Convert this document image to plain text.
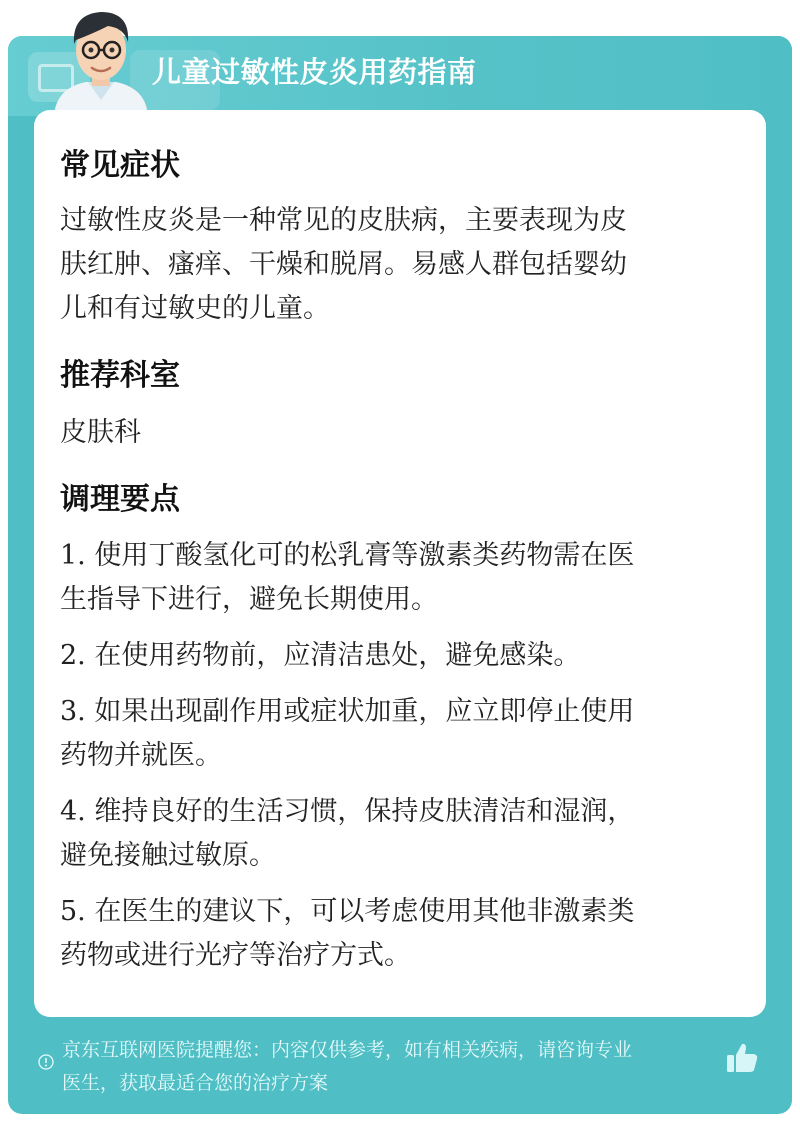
儿童过敏性皮炎用药指南
常见症状
过敏性皮炎是一种常见的皮肤病，主要表现为皮
肤红肿、瘙痒、干燥和脱屑。易感人群包括婴幼
儿和有过敏史的儿童。
推荐科室
皮肤科
调理要点
1. 使用丁酸氢化可的松乳膏等激素类药物需在医
生指导下进行，避免长期使用。
2. 在使用药物前，应清洁患处，避免感染。
3. 如果出现副作用或症状加重，应立即停止使用
药物并就医。
4. 维持良好的生活习惯，保持皮肤清洁和湿润，
避免接触过敏原。
5. 在医生的建议下，可以考虑使用其他非激素类
药物或进行光疗等治疗方式。
京东互联网医院提醒您：内容仅供参考，如有相关疾病，请咨询专业
医生，获取最适合您的治疗方案
